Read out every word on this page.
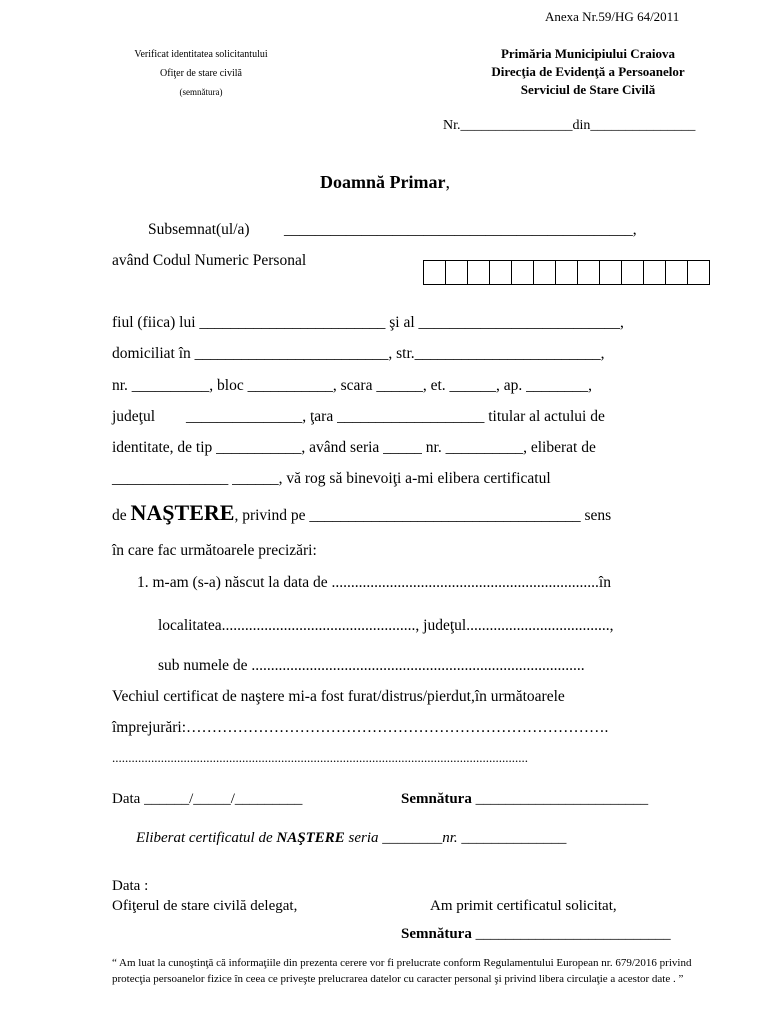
Anexa Nr.59/HG 64/2011
Verificat identitatea solicitantului
Ofiţer de stare civilă
(semnătura)
Primăria Municipiului Craiova
Direcţia de Evidenţă a Persoanelor
Serviciul de Stare Civilă
Nr.________________din_______________
Doamnă Primar,
Subsemnat(ul/a) _____________________________________________,
având Codul Numeric Personal
fiul (fiica) lui ________________________ şi al __________________________,
domiciliat în _________________________, str.________________________,
nr. __________, bloc ___________, scara ______, et. ______, ap. ________,
judeţul _______________, ţara ___________________ titular al actului de
identitate, de tip ___________, având seria _____ nr. __________, eliberat de
_______________ ______, vă rog să binevoiţi a-mi elibera certificatul
de NAŞTERE, privind pe ___________________________________ sens
în care fac următoarele precizări:
1. m-am (s-a) născut la data de .....................................................................în
localitatea.................................................., judeţul.....................................,
sub numele de ......................................................................................
Vechiul certificat de naştere mi-a fost furat/distrus/pierdut,în următoarele
împrejurări:……………………………………………………………………….
................................................................................................................................
Data ______/_____/_________	Semnătura _______________________
Eliberat certificatul de NAŞTERE seria ________nr. ______________
Data :
Ofiţerul de stare civilă delegat,	Am primit certificatul solicitat,
Semnătura __________________________
“ Am luat la cunoştinţă că informaţiile din prezenta cerere vor fi prelucrate conform Regulamentului European nr. 679/2016 privind protecţia persoanelor fizice în ceea ce priveşte prelucrarea datelor cu caracter personal şi privind libera circulaţie a acestor date . ”
